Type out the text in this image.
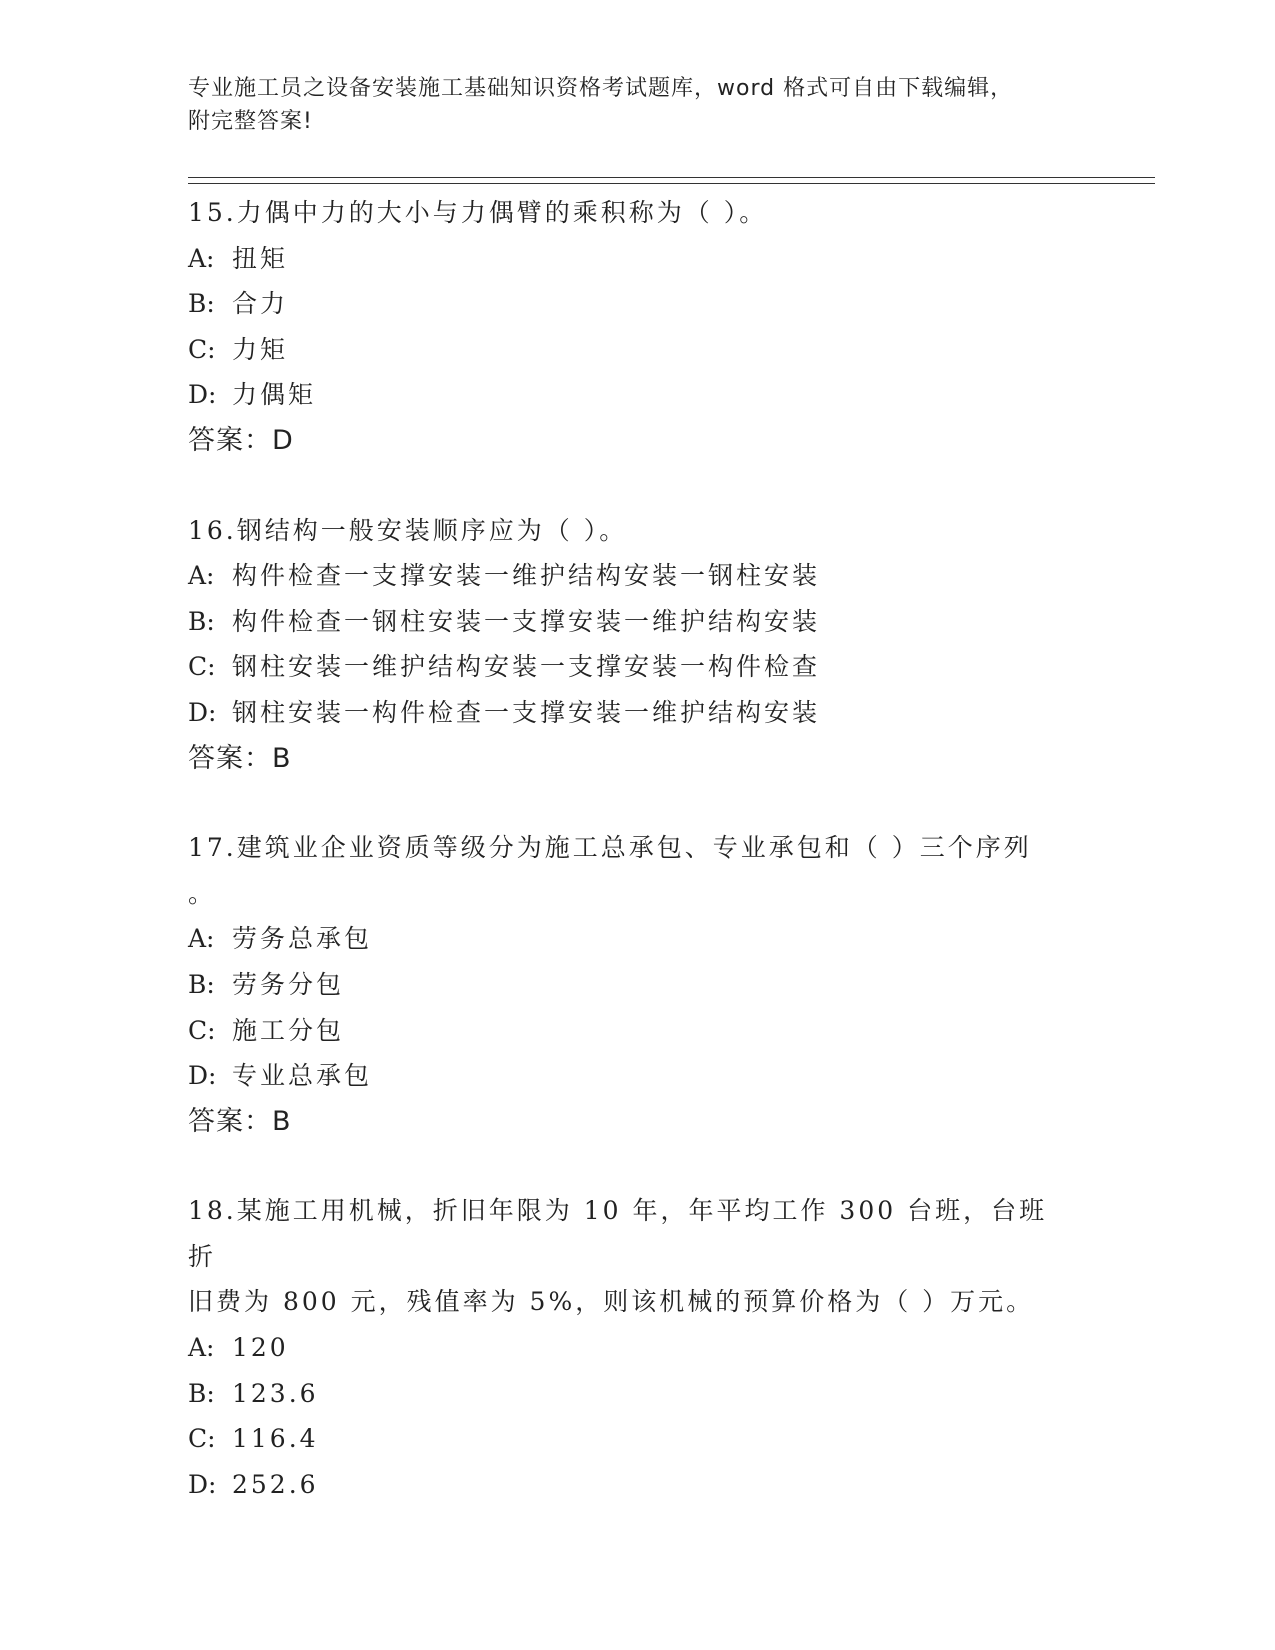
专业施工员之设备安装施工基础知识资格考试题库，word 格式可自由下载编辑，
附完整答案!
15.力偶中力的大小与力偶臂的乘积称为（ ）。
A: 扭矩
B: 合力
C: 力矩
D: 力偶矩
答案：D
16.钢结构一般安装顺序应为（ ）。
A: 构件检查一支撑安装一维护结构安装一钢柱安装
B: 构件检查一钢柱安装一支撑安装一维护结构安装
C: 钢柱安装一维护结构安装一支撑安装一构件检查
D: 钢柱安装一构件检查一支撑安装一维护结构安装
答案：B
17.建筑业企业资质等级分为施工总承包、专业承包和（ ）三个序列
。
A: 劳务总承包
B: 劳务分包
C: 施工分包
D: 专业总承包
答案：B
18.某施工用机械，折旧年限为 10 年，年平均工作 300 台班，台班折
旧费为 800 元，残值率为 5%，则该机械的预算价格为（ ）万元。
A: 120
B: 123.6
C: 116.4
D: 252.6
